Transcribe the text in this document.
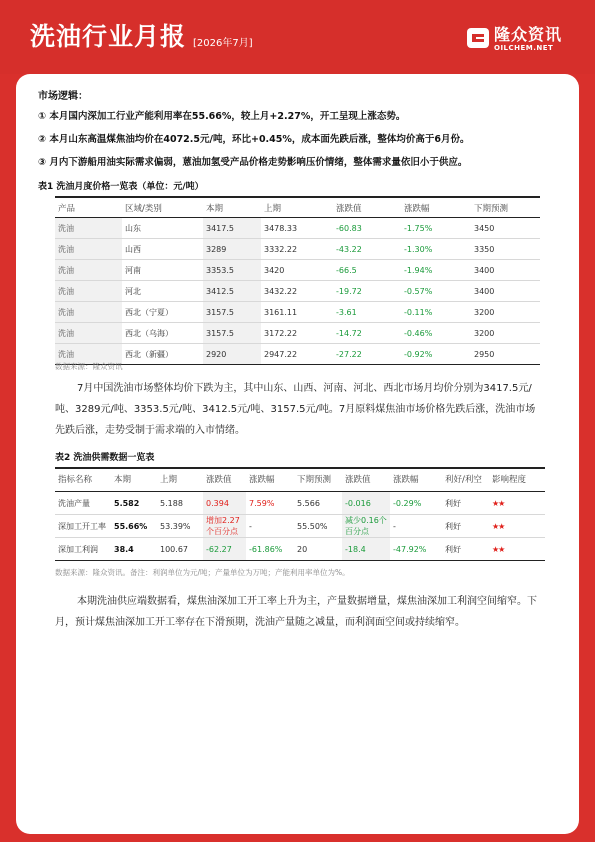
洗油行业月报 [2026年7月]	隆众资讯
OILCHEM.NET
市场逻辑：
① 本月国内深加工行业产能利用率在55.66%，较上月+2.27%，开工呈现上涨态势。
② 本月山东高温煤焦油均价在4072.5元/吨，环比+0.45%，成本面先跌后涨，整体均价高于6月份。
③ 月内下游船用油实际需求偏弱，蒽油加氢受产品价格走势影响压价情绪，整体需求量依旧小于供应。
表1 洗油月度价格一览表（单位：元/吨）
产品	区域/类别	本期	上期	涨跌值	涨跌幅	下期预测
洗油	山东	3417.5	3478.33	-60.83	-1.75%	3450
洗油	山西	3289	3332.22	-43.22	-1.30%	3350
洗油	河南	3353.5	3420	-66.5	-1.94%	3400
洗油	河北	3412.5	3432.22	-19.72	-0.57%	3400
洗油	西北（宁夏）	3157.5	3161.11	-3.61	-0.11%	3200
洗油	西北（乌海）	3157.5	3172.22	-14.72	-0.46%	3200
洗油	西北（新疆）	2920	2947.22	-27.22	-0.92%	2950
数据来源：隆众资讯
7月中国洗油市场整体均价下跌为主，其中山东、山西、河南、河北、西北市场月均价分别为3417.5元/吨、3289元/吨、3353.5元/吨、3412.5元/吨、3157.5元/吨。7月原料煤焦油市场价格先跌后涨，洗油市场先跌后涨，走势受制于需求端的入市情绪。
表2 洗油供需数据一览表
指标名称	本期	上期	涨跌值	涨跌幅	下期预测	涨跌值	涨跌幅	利好/利空	影响程度
洗油产量	5.582	5.188	0.394	7.59%	5.566	-0.016	-0.29%	利好	★★
深加工开工率	55.66%	53.39%	增加2.27个百分点	-	55.50%	减少0.16个百分点	-	利好	★★
深加工利润	38.4	100.67	-62.27	-61.86%	20	-18.4	-47.92%	利好	★★
数据来源：隆众资讯。备注：利润单位为元/吨；产量单位为万吨；产能利用率单位为%。
本期洗油供应端数据看，煤焦油深加工开工率上升为主，产量数据增量，煤焦油深加工利润空间缩窄。下月，预计煤焦油深加工开工率存在下滑预期，洗油产量随之减量，而利润面空间或持续缩窄。
